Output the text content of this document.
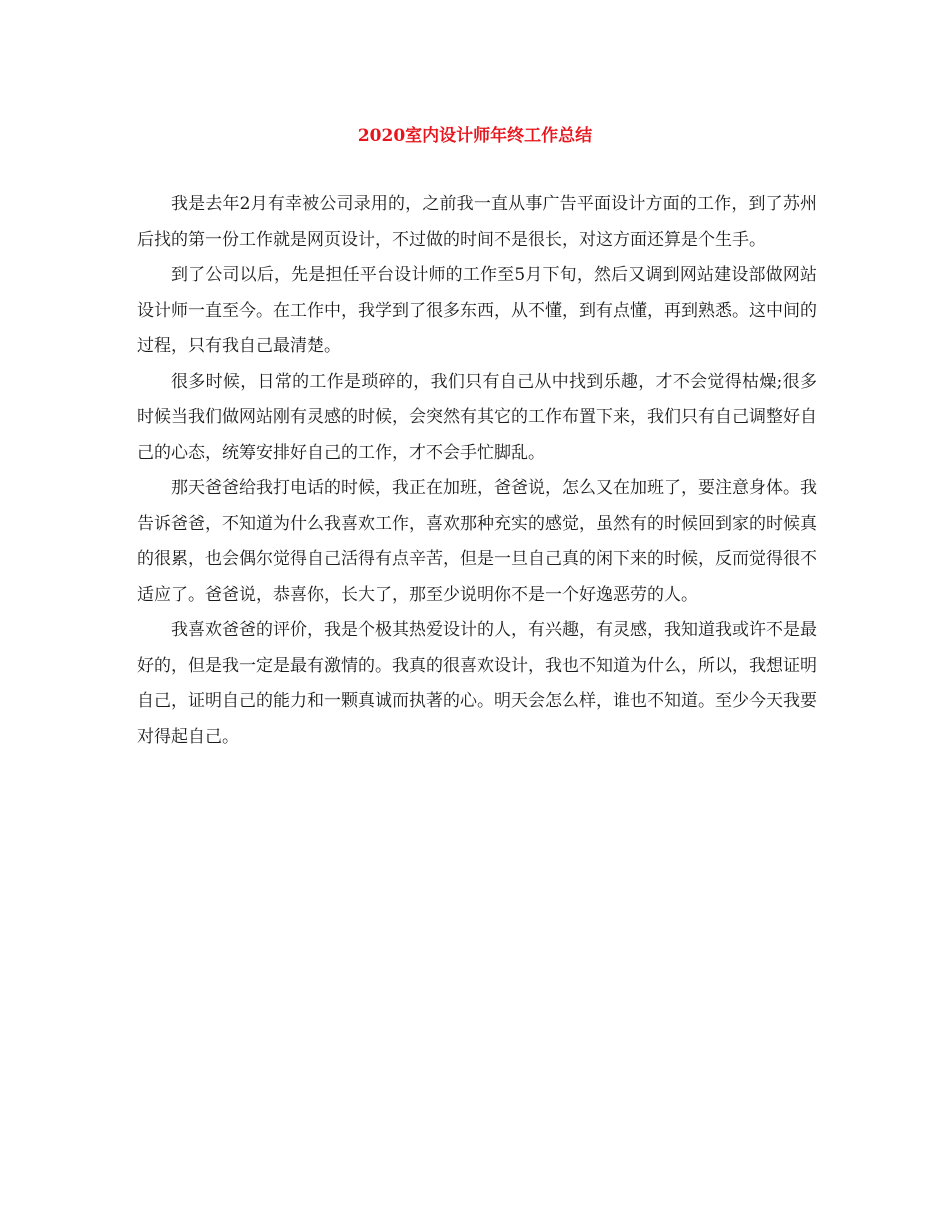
2020室内设计师年终工作总结

我是去年2月有幸被公司录用的，之前我一直从事广告平面设计方面的工作，到了苏州后找的第一份工作就是网页设计，不过做的时间不是很长，对这方面还算是个生手。

到了公司以后，先是担任平台设计师的工作至5月下旬，然后又调到网站建设部做网站设计师一直至今。在工作中，我学到了很多东西，从不懂，到有点懂，再到熟悉。这中间的过程，只有我自己最清楚。

很多时候，日常的工作是琐碎的，我们只有自己从中找到乐趣，才不会觉得枯燥;很多时候当我们做网站刚有灵感的时候，会突然有其它的工作布置下来，我们只有自己调整好自己的心态，统筹安排好自己的工作，才不会手忙脚乱。

那天爸爸给我打电话的时候，我正在加班，爸爸说，怎么又在加班了，要注意身体。我告诉爸爸，不知道为什么我喜欢工作，喜欢那种充实的感觉，虽然有的时候回到家的时候真的很累，也会偶尔觉得自己活得有点辛苦，但是一旦自己真的闲下来的时候，反而觉得很不适应了。爸爸说，恭喜你，长大了，那至少说明你不是一个好逸恶劳的人。

我喜欢爸爸的评价，我是个极其热爱设计的人，有兴趣，有灵感，我知道我或许不是最好的，但是我一定是最有激情的。我真的很喜欢设计，我也不知道为什么，所以，我想证明自己，证明自己的能力和一颗真诚而执著的心。明天会怎么样，谁也不知道。至少今天我要对得起自己。
